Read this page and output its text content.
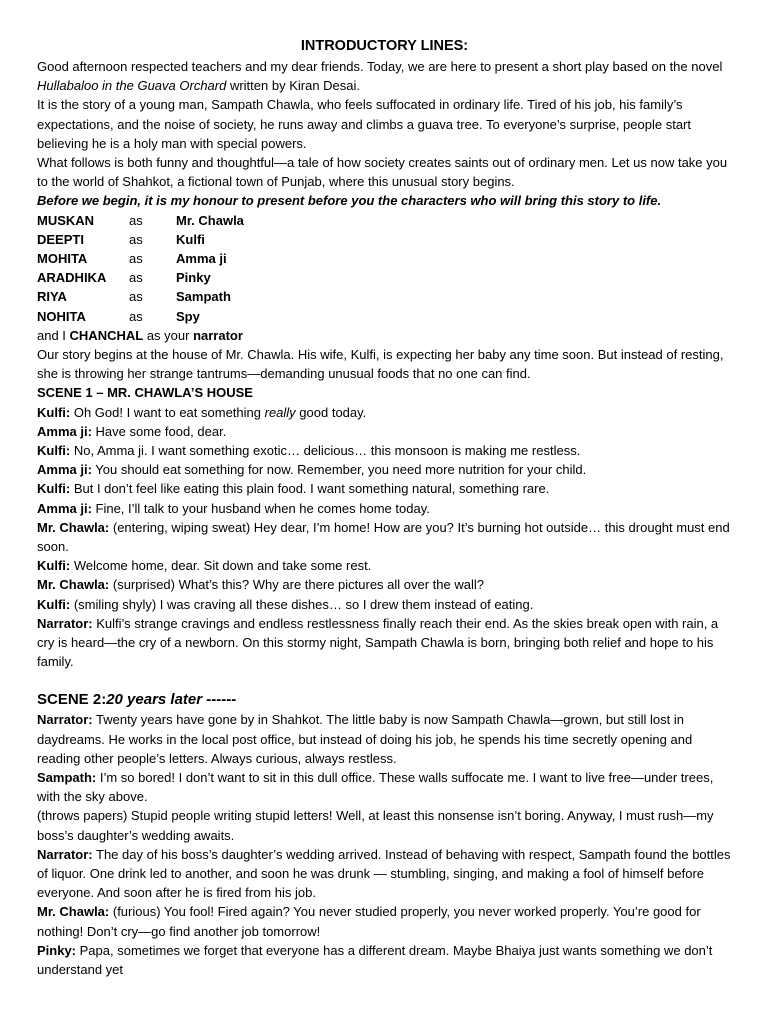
INTRODUCTORY LINES:

Good afternoon respected teachers and my dear friends. Today, we are here to present a short play based on the novel Hullabaloo in the Guava Orchard written by Kiran Desai.

It is the story of a young man, Sampath Chawla, who feels suffocated in ordinary life. Tired of his job, his family’s expectations, and the noise of society, he runs away and climbs a guava tree. To everyone’s surprise, people start believing he is a holy man with special powers.

What follows is both funny and thoughtful—a tale of how society creates saints out of ordinary men. Let us now take you to the world of Shahkot, a fictional town of Punjab, where this unusual story begins.

Before we begin, it is my honour to present before you the characters who will bring this story to life.

MUSKAN	as	Mr. Chawla
DEEPTI	as	Kulfi
MOHITA	as	Amma ji
ARADHIKA	as	Pinky
RIYA	as	Sampath
NOHITA	as	Spy

and I CHANCHAL as your narrator

Our story begins at the house of Mr. Chawla. His wife, Kulfi, is expecting her baby any time soon. But instead of resting, she is throwing her strange tantrums—demanding unusual foods that no one can find.

SCENE 1 – MR. CHAWLA’S HOUSE

Kulfi: Oh God! I want to eat something really good today.

Amma ji: Have some food, dear.

Kulfi: No, Amma ji. I want something exotic… delicious… this monsoon is making me restless.

Amma ji: You should eat something for now. Remember, you need more nutrition for your child.

Kulfi: But I don’t feel like eating this plain food. I want something natural, something rare.

Amma ji: Fine, I’ll talk to your husband when he comes home today.

Mr. Chawla: (entering, wiping sweat) Hey dear, I’m home! How are you? It’s burning hot outside… this drought must end soon.

Kulfi: Welcome home, dear. Sit down and take some rest.

Mr. Chawla: (surprised) What’s this? Why are there pictures all over the wall?

Kulfi: (smiling shyly) I was craving all these dishes… so I drew them instead of eating.

Narrator: Kulfi’s strange cravings and endless restlessness finally reach their end. As the skies break open with rain, a cry is heard—the cry of a newborn. On this stormy night, Sampath Chawla is born, bringing both relief and hope to his family.

SCENE 2:20 years later ------

Narrator: Twenty years have gone by in Shahkot. The little baby is now Sampath Chawla—grown, but still lost in daydreams. He works in the local post office, but instead of doing his job, he spends his time secretly opening and reading other people’s letters. Always curious, always restless.

Sampath: I’m so bored! I don’t want to sit in this dull office. These walls suffocate me. I want to live free—under trees, with the sky above.

(throws papers) Stupid people writing stupid letters! Well, at least this nonsense isn’t boring. Anyway, I must rush—my boss’s daughter’s wedding awaits.

Narrator: The day of his boss’s daughter’s wedding arrived. Instead of behaving with respect, Sampath found the bottles of liquor. One drink led to another, and soon he was drunk — stumbling, singing, and making a fool of himself before everyone. And soon after he is fired from his job.

Mr. Chawla: (furious) You fool! Fired again? You never studied properly, you never worked properly. You’re good for nothing! Don’t cry—go find another job tomorrow!

Pinky: Papa, sometimes we forget that everyone has a different dream. Maybe Bhaiya just wants something we don’t understand yet
